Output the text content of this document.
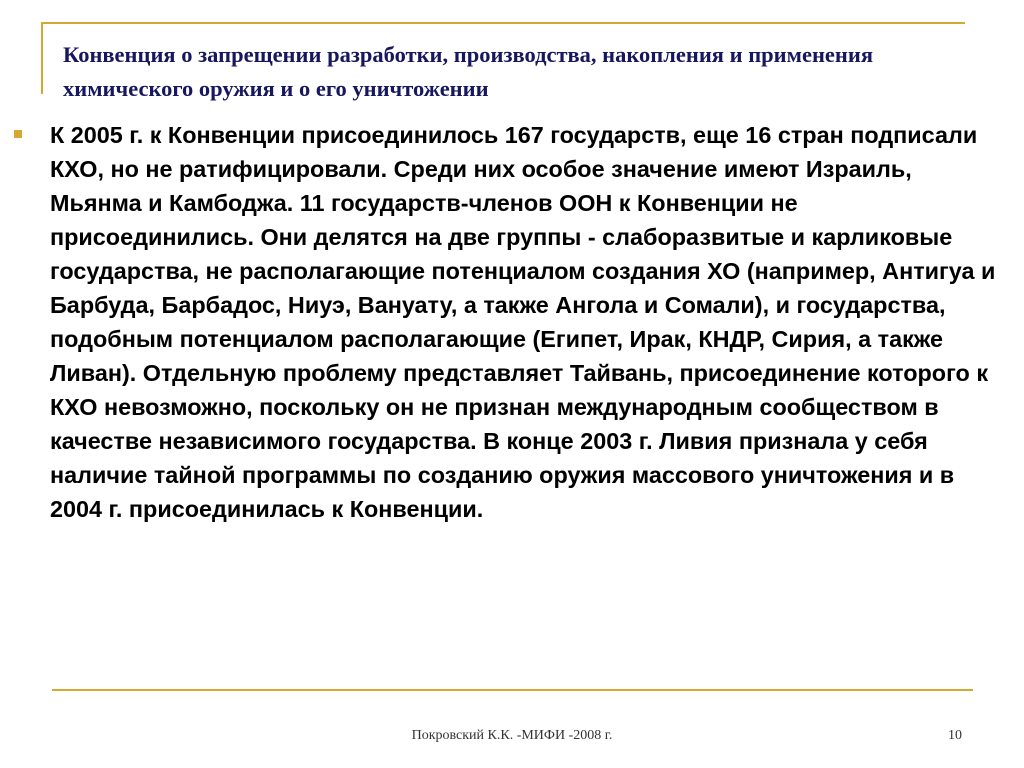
Конвенция о запрещении разработки, производства, накопления и применения химического оружия и о его уничтожении

К 2005 г. к Конвенции присоединилось 167 государств, еще 16 стран подписали КХО, но не ратифицировали. Среди них особое значение имеют Израиль, Мьянма и Камбоджа. 11 государств-членов ООН к Конвенции не присоединились. Они делятся на две группы - слаборазвитые и карликовые государства, не располагающие потенциалом создания ХО (например, Антигуа и Барбуда, Барбадос, Ниуэ, Вануату, а также Ангола и Сомали), и государства, подобным потенциалом располагающие (Египет, Ирак, КНДР, Сирия, а также Ливан). Отдельную проблему представляет Тайвань, присоединение которого к КХО невозможно, поскольку он не признан международным сообществом в качестве независимого государства. В конце 2003 г. Ливия признала у себя наличие тайной программы по созданию оружия массового уничтожения и в 2004 г. присоединилась к Конвенции.

Покровский К.К. -МИФИ -2008 г.	10
